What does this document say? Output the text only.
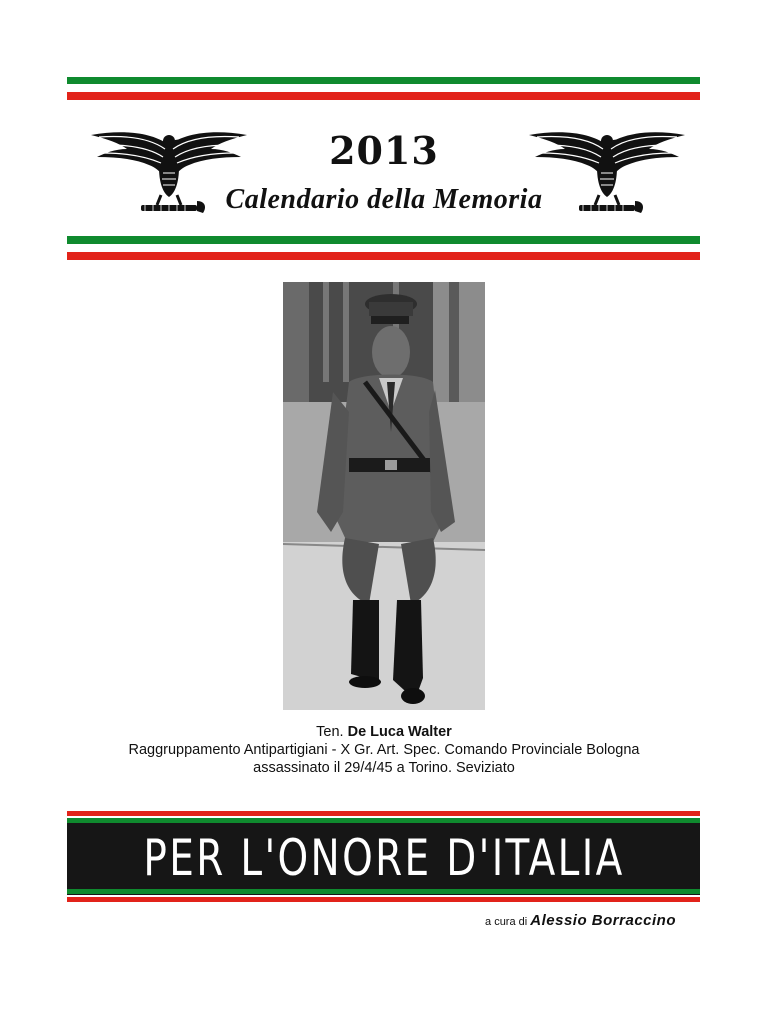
2013
Calendario della Memoria

Ten. De Luca Walter

Raggruppamento Antipartigiani - X Gr. Art. Spec. Comando Provinciale Bologna

assassinato il 29/4/45 a Torino. Seviziato

PER L'ONORE D'ITALIA

a cura di Alessio Borraccino
